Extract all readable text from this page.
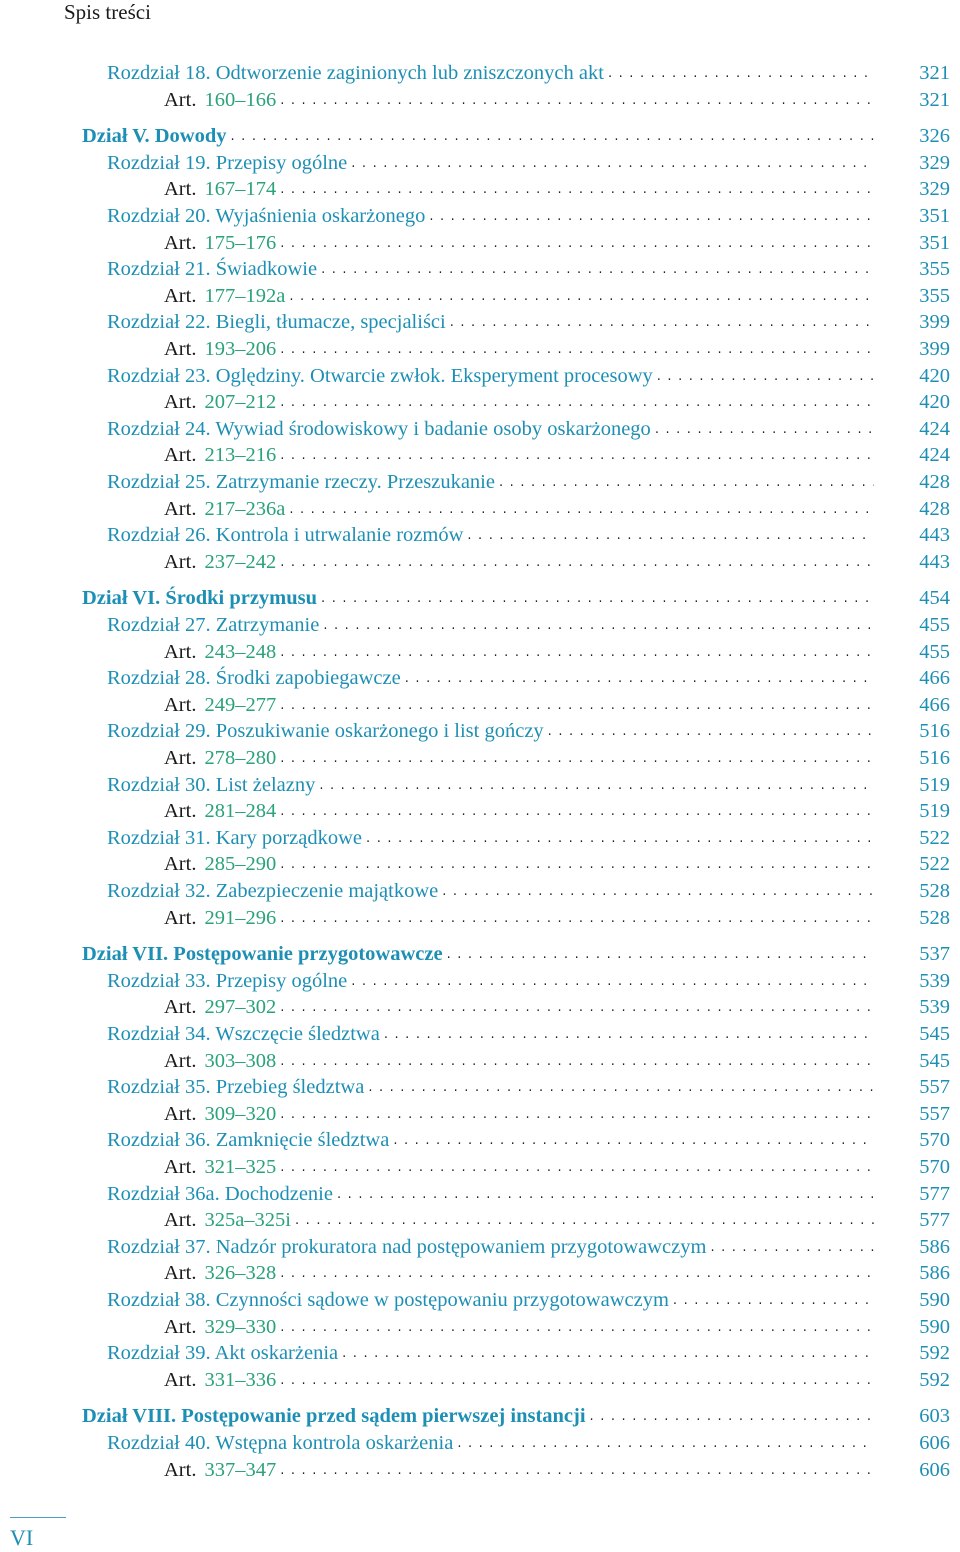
Spis treści
Rozdział 18. Odtworzenie zaginionych lub zniszczonych akt . . .	321
Art. 160–166 . . .	321
Dział V. Dowody . . .	326
Rozdział 19. Przepisy ogólne . . .	329
Art. 167–174 . . .	329
Rozdział 20. Wyjaśnienia oskarżonego . . .	351
Art. 175–176 . . .	351
Rozdział 21. Świadkowie . . .	355
Art. 177–192a . . .	355
Rozdział 22. Biegli, tłumacze, specjaliści . . .	399
Art. 193–206 . . .	399
Rozdział 23. Oględziny. Otwarcie zwłok. Eksperyment procesowy . . .	420
Art. 207–212 . . .	420
Rozdział 24. Wywiad środowiskowy i badanie osoby oskarżonego . . .	424
Art. 213–216 . . .	424
Rozdział 25. Zatrzymanie rzeczy. Przeszukanie . . .	428
Art. 217–236a . . .	428
Rozdział 26. Kontrola i utrwalanie rozmów . . .	443
Art. 237–242 . . .	443
Dział VI. Środki przymusu . . .	454
Rozdział 27. Zatrzymanie . . .	455
Art. 243–248 . . .	455
Rozdział 28. Środki zapobiegawcze . . .	466
Art. 249–277 . . .	466
Rozdział 29. Poszukiwanie oskarżonego i list gończy . . .	516
Art. 278–280 . . .	516
Rozdział 30. List żelazny . . .	519
Art. 281–284 . . .	519
Rozdział 31. Kary porządkowe . . .	522
Art. 285–290 . . .	522
Rozdział 32. Zabezpieczenie majątkowe . . .	528
Art. 291–296 . . .	528
Dział VII. Postępowanie przygotowawcze . . .	537
Rozdział 33. Przepisy ogólne . . .	539
Art. 297–302 . . .	539
Rozdział 34. Wszczęcie śledztwa . . .	545
Art. 303–308 . . .	545
Rozdział 35. Przebieg śledztwa . . .	557
Art. 309–320 . . .	557
Rozdział 36. Zamknięcie śledztwa . . .	570
Art. 321–325 . . .	570
Rozdział 36a. Dochodzenie . . .	577
Art. 325a–325i . . .	577
Rozdział 37. Nadzór prokuratora nad postępowaniem przygotowawczym . . .	586
Art. 326–328 . . .	586
Rozdział 38. Czynności sądowe w postępowaniu przygotowawczym . . .	590
Art. 329–330 . . .	590
Rozdział 39. Akt oskarżenia . . .	592
Art. 331–336 . . .	592
Dział VIII. Postępowanie przed sądem pierwszej instancji . . .	603
Rozdział 40. Wstępna kontrola oskarżenia . . .	606
Art. 337–347 . . .	606
VI
